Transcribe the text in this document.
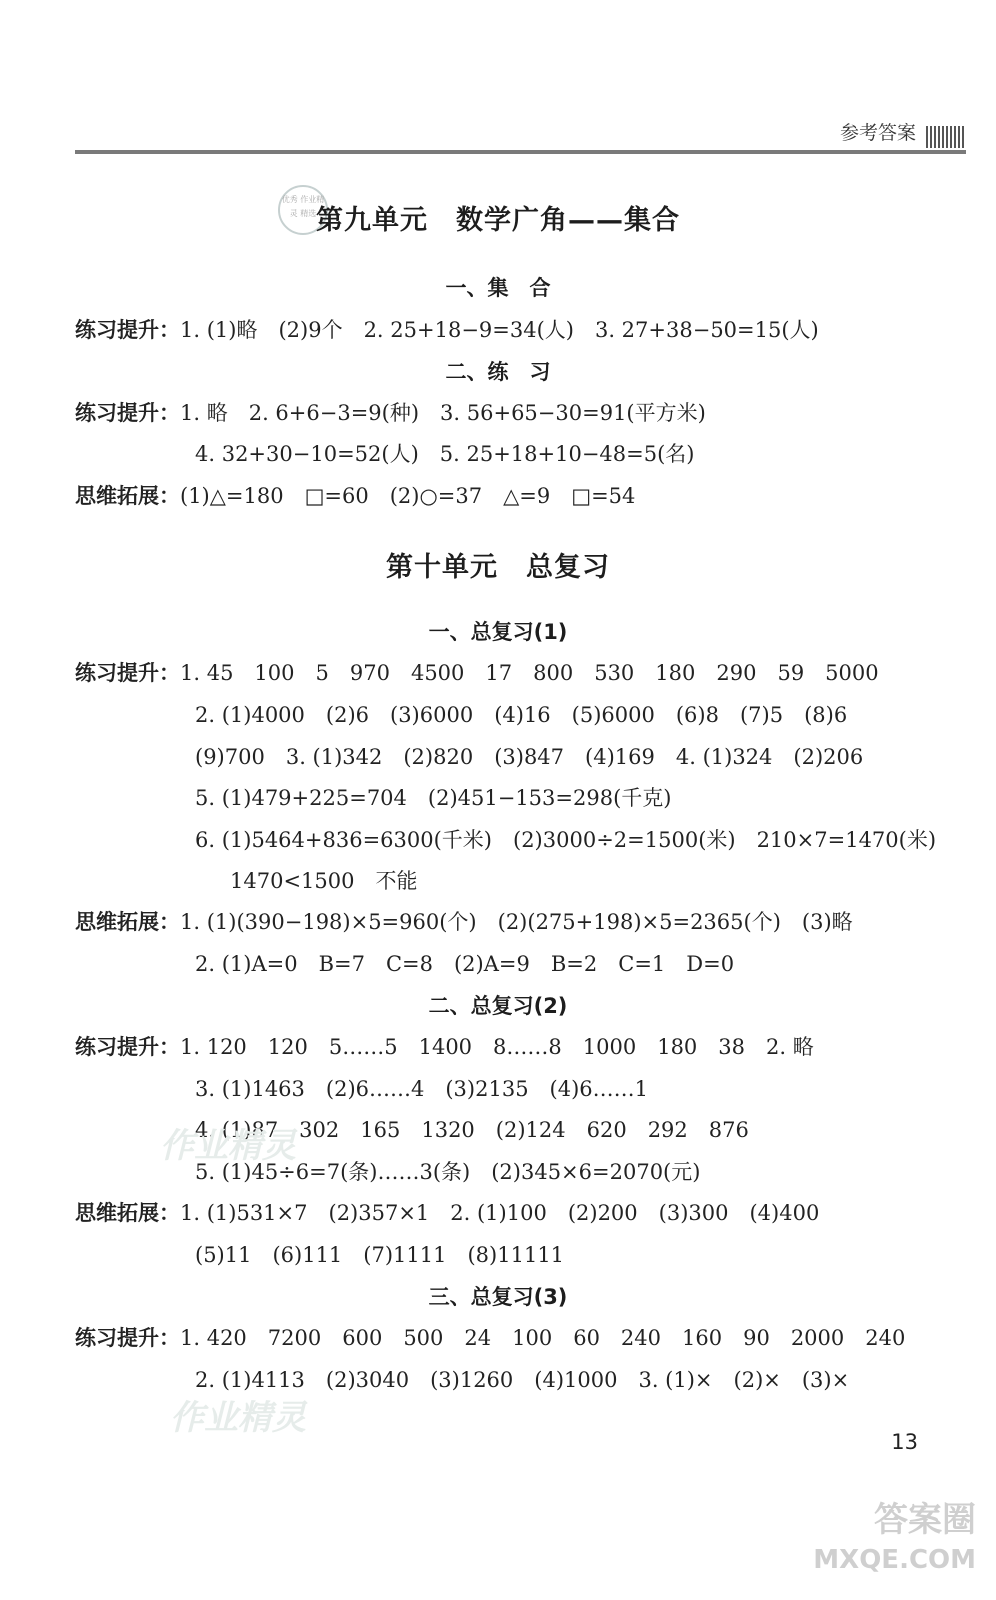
参考答案
优秀 作业精灵 精选 第九单元　数学广角——集合
一、集　合
练习提升：1. (1)略　(2)9个　2. 25+18−9=34(人)　3. 27+38−50=15(人)
二、练　习
练习提升：1. 略　2. 6+6−3=9(种)　3. 56+65−30=91(平方米)
4. 32+30−10=52(人)　5. 25+18+10−48=5(名)
思维拓展：(1)△=180　□=60　(2)○=37　△=9　□=54
第十单元　总复习
一、总复习(1)
练习提升：1. 45　100　5　970　4500　17　800　530　180　290　59　5000
2. (1)4000　(2)6　(3)6000　(4)16　(5)6000　(6)8　(7)5　(8)6
(9)700　3. (1)342　(2)820　(3)847　(4)169　4. (1)324　(2)206
5. (1)479+225=704　(2)451−153=298(千克)
6. (1)5464+836=6300(千米)　(2)3000÷2=1500(米)　210×7=1470(米)
1470<1500　不能
思维拓展：1. (1)(390−198)×5=960(个)　(2)(275+198)×5=2365(个)　(3)略
2. (1)A=0　B=7　C=8　(2)A=9　B=2　C=1　D=0
二、总复习(2)
练习提升：1. 120　120　5……5　1400　8……8　1000　180　38　2. 略
3. (1)1463　(2)6……4　(3)2135　(4)6……1
4. (1)87　302　165　1320　(2)124　620　292　876
作业精灵
5. (1)45÷6=7(条)……3(条)　(2)345×6=2070(元)
思维拓展：1. (1)531×7　(2)357×1　2. (1)100　(2)200　(3)300　(4)400
(5)11　(6)111　(7)1111　(8)11111
三、总复习(3)
练习提升：1. 420　7200　600　500　24　100　60　240　160　90　2000　240
2. (1)4113　(2)3040　(3)1260　(4)1000　3. (1)×　(2)×　(3)×
作业精灵
13
答案圈
MXQE.COM
